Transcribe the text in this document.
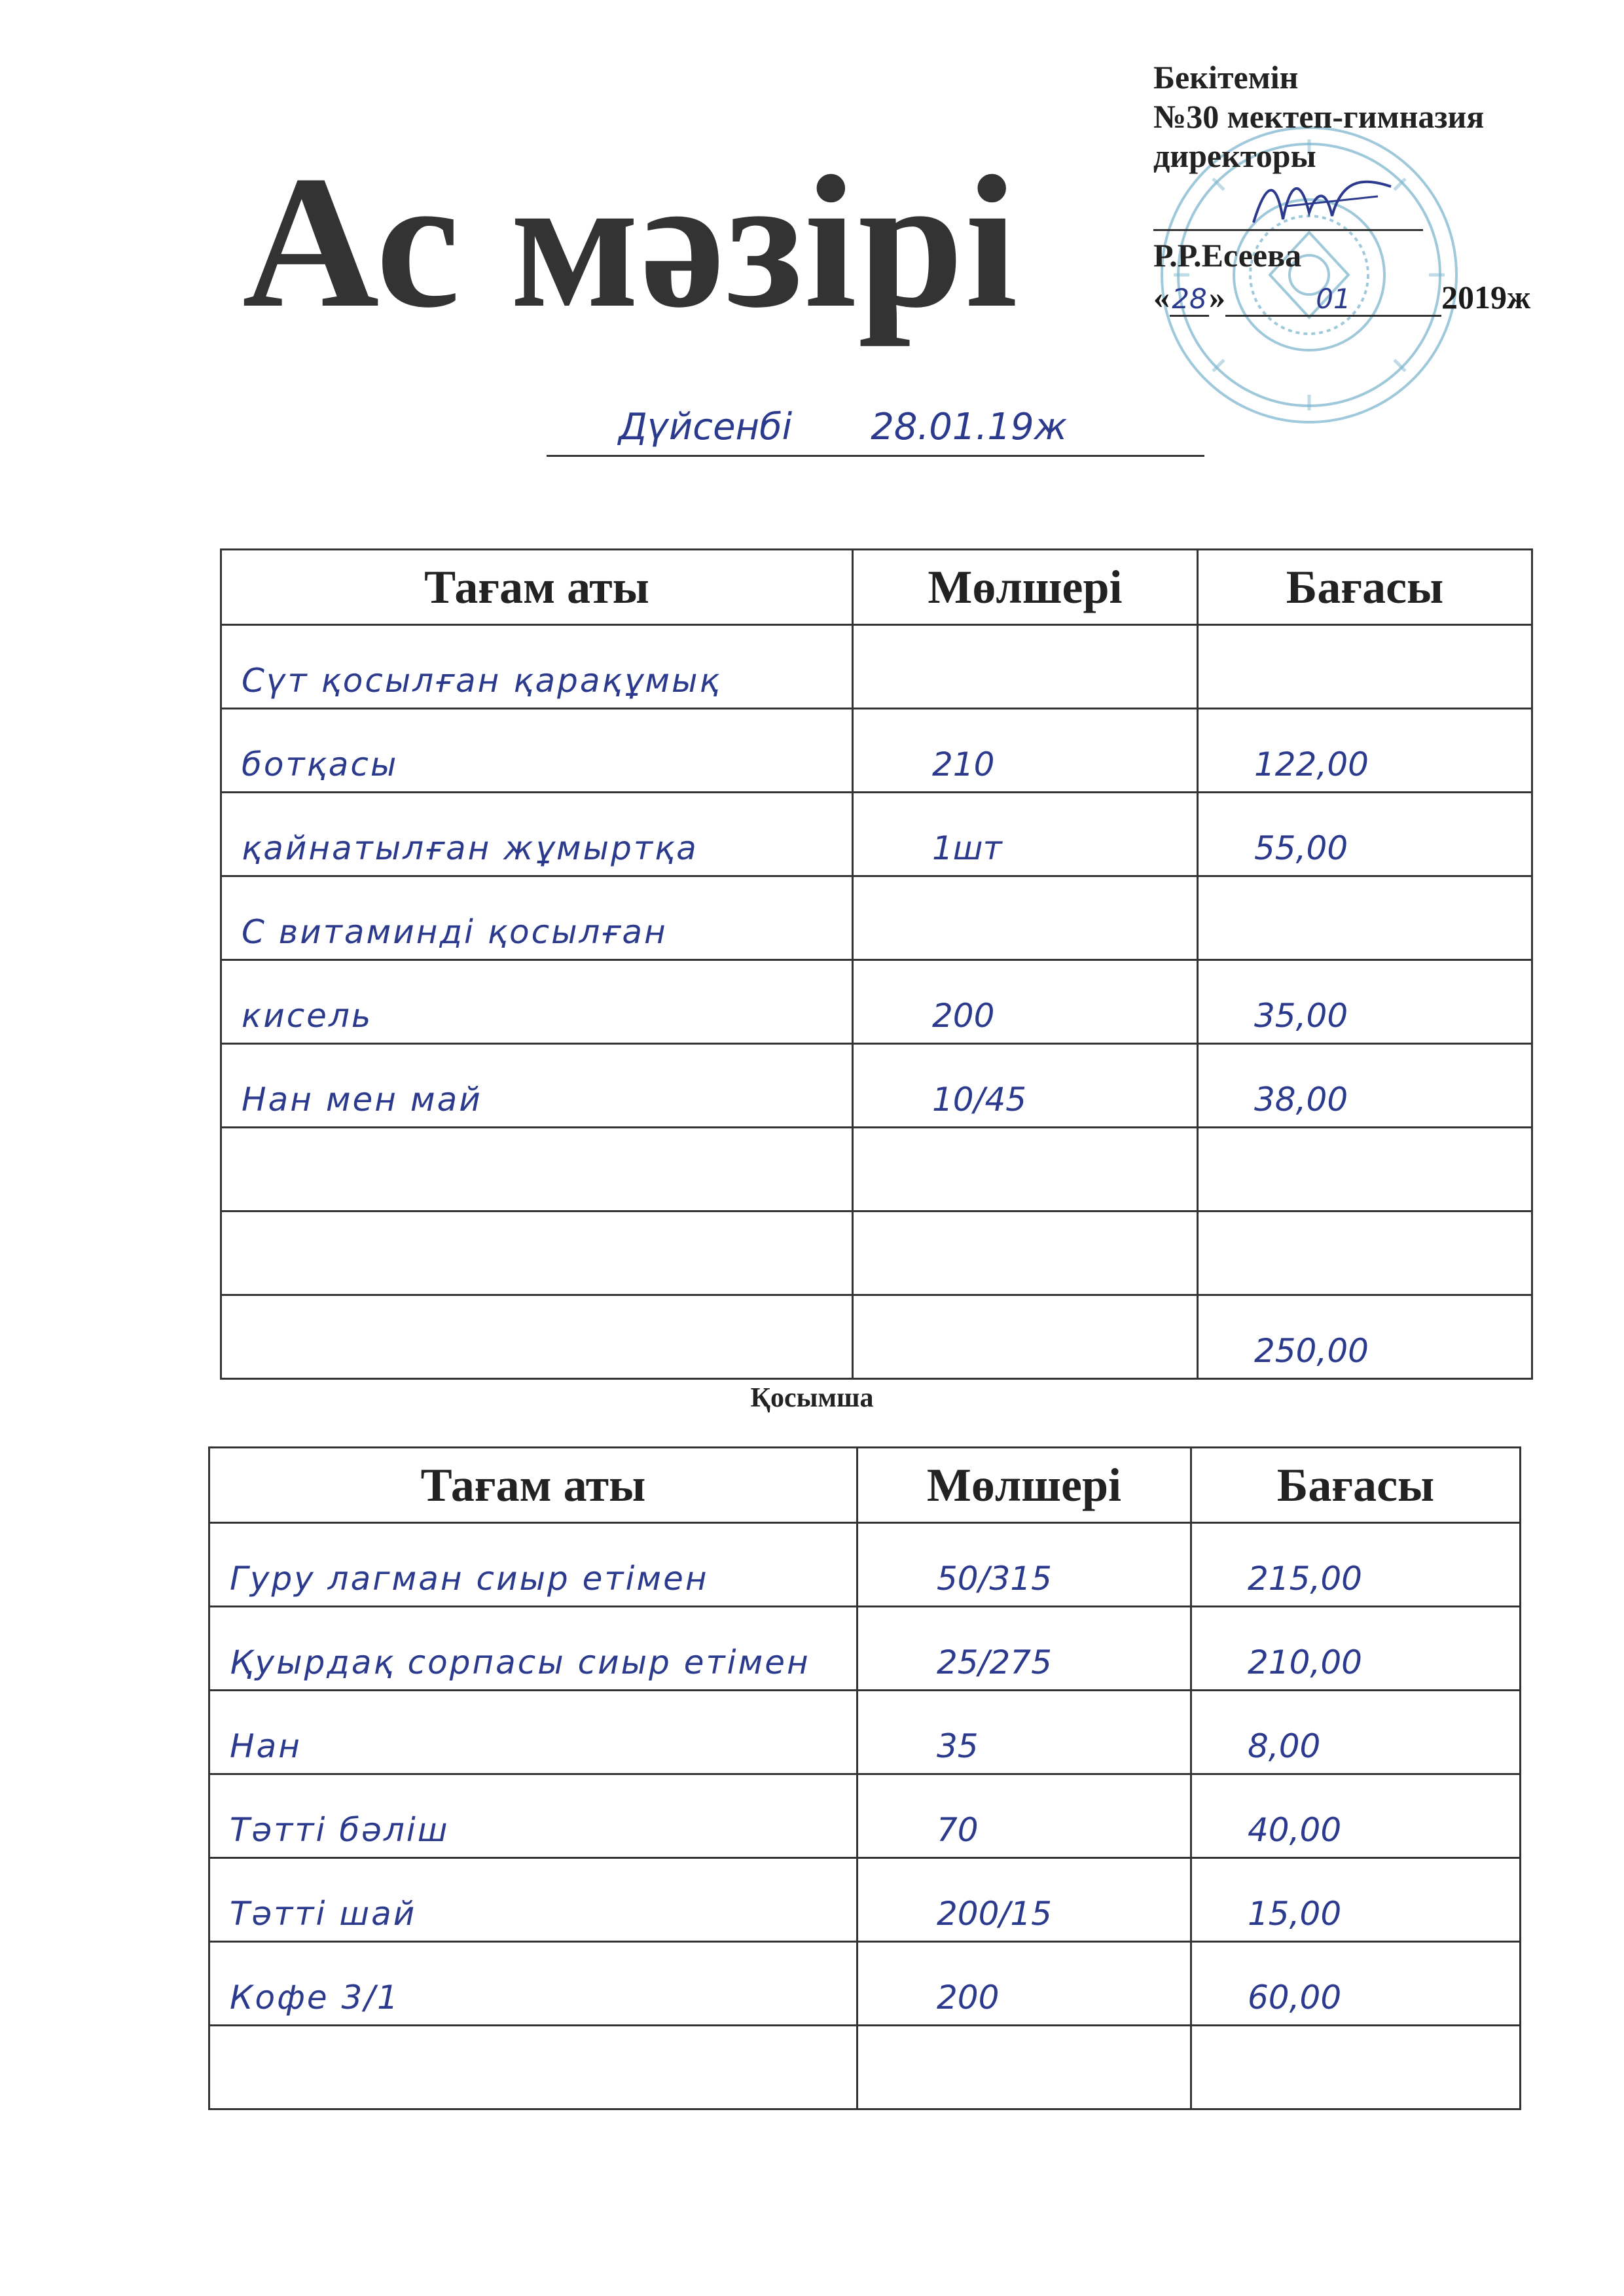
Ас мәзірі
Бекітемін
№30 мектеп-гимназия
директоры
Р.Р.Есеева
«28»	01	2019ж
Дүйсенбі 28.01.19ж
Тағам аты	Мөлшері	Бағасы
Сүт қосылған қарақұмық		
ботқасы	210	122,00
қайнатылған жұмыртқа	1шт	55,00
С витаминді қосылған		
кисель	200	35,00
Нан мен май	10/45	38,00

		250,00
Қосымша
Тағам аты	Мөлшері	Бағасы
Гуру лагман сиыр етімен	50/315	215,00
Қуырдақ сорпасы сиыр етімен	25/275	210,00
Нан	35	8,00
Тәтті бәліш	70	40,00
Тәтті шай	200/15	15,00
Кофе 3/1	200	60,00
